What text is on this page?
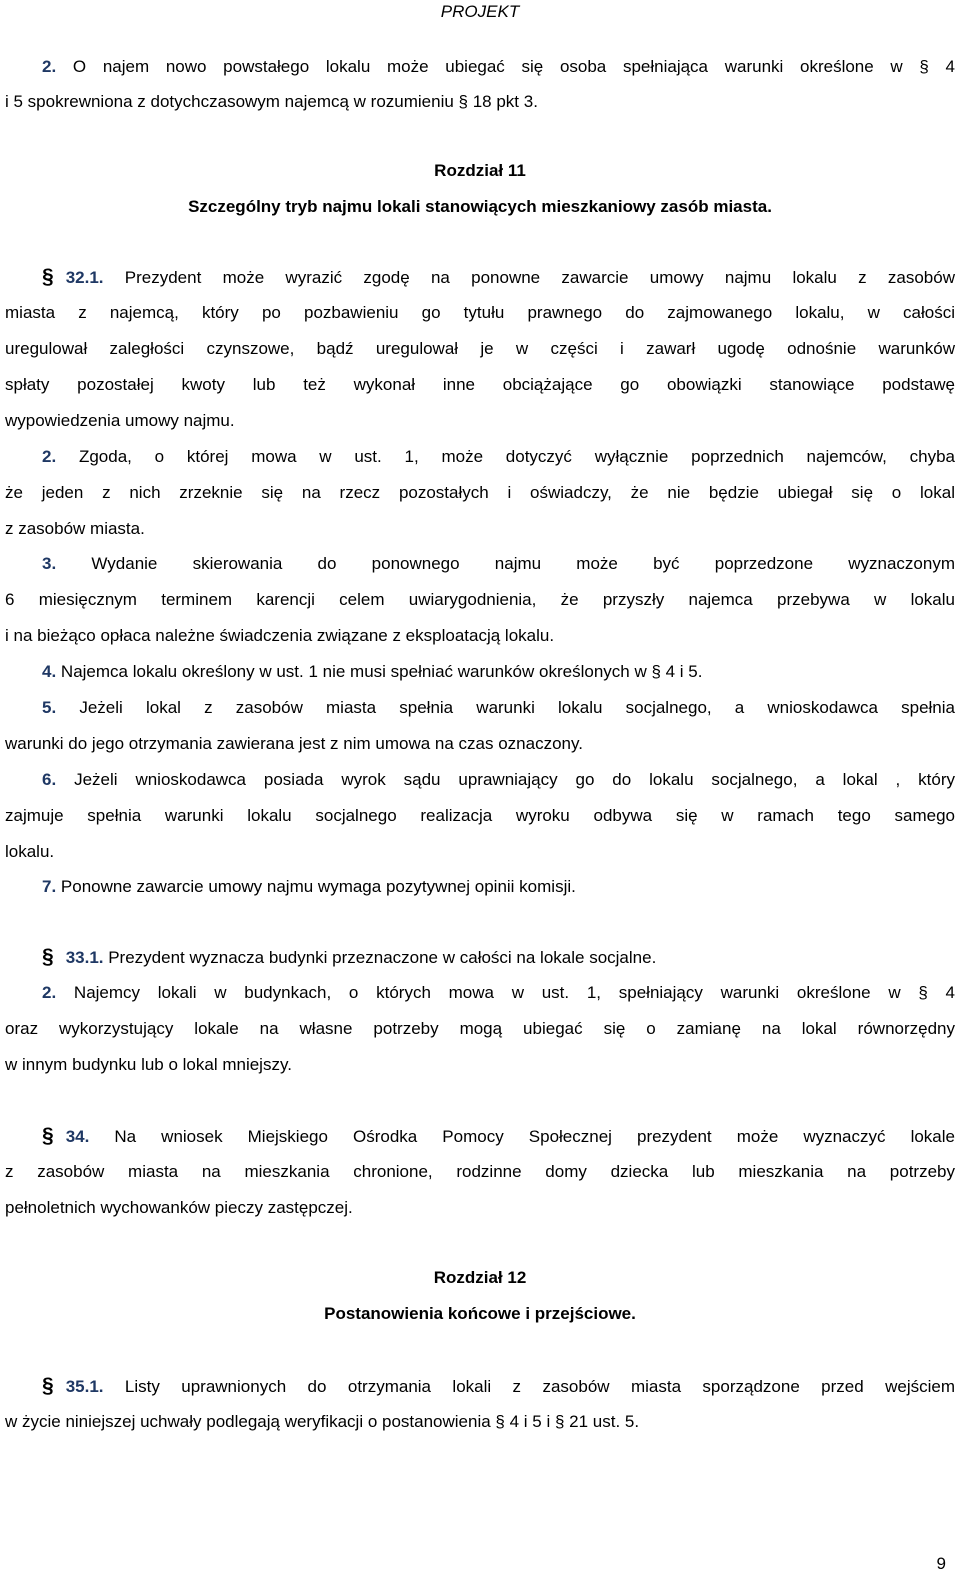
PROJEKT
2. O najem nowo powstałego lokalu może ubiegać się osoba spełniająca warunki określone w § 4
i 5 spokrewniona z dotychczasowym najemcą w rozumieniu § 18 pkt 3.
Rozdział 11
Szczególny tryb najmu lokali stanowiących mieszkaniowy zasób miasta.
§ 32.1. Prezydent może wyrazić zgodę na ponowne zawarcie umowy najmu lokalu z zasobów
miasta z najemcą, który po pozbawieniu go tytułu prawnego do zajmowanego lokalu, w całości
uregulował zaległości czynszowe, bądź uregulował je w części i zawarł ugodę odnośnie warunków
spłaty pozostałej kwoty lub też wykonał inne obciążające go obowiązki stanowiące podstawę
wypowiedzenia umowy najmu.
2. Zgoda, o której mowa w ust. 1, może dotyczyć wyłącznie poprzednich najemców, chyba
że jeden z nich zrzeknie się na rzecz pozostałych i oświadczy, że nie będzie ubiegał się o lokal
z zasobów miasta.
3. Wydanie skierowania do ponownego najmu może być poprzedzone wyznaczonym
6 miesięcznym terminem karencji celem uwiarygodnienia, że przyszły najemca przebywa w lokalu
i na bieżąco opłaca należne świadczenia związane z eksploatacją lokalu.
4. Najemca lokalu określony w ust. 1 nie musi spełniać warunków określonych w § 4 i 5.
5. Jeżeli lokal z zasobów miasta spełnia warunki lokalu socjalnego, a wnioskodawca spełnia
warunki do jego otrzymania zawierana jest z nim umowa na czas oznaczony.
6. Jeżeli wnioskodawca posiada wyrok sądu uprawniający go do lokalu socjalnego, a lokal , który
zajmuje spełnia warunki lokalu socjalnego realizacja wyroku odbywa się w ramach tego samego
lokalu.
7. Ponowne zawarcie umowy najmu wymaga pozytywnej opinii komisji.
§ 33.1. Prezydent wyznacza budynki przeznaczone w całości na lokale socjalne.
2. Najemcy lokali w budynkach, o których mowa w ust. 1, spełniający warunki określone w § 4
oraz wykorzystujący lokale na własne potrzeby mogą ubiegać się o zamianę na lokal równorzędny
w innym budynku lub o lokal mniejszy.
§ 34. Na wniosek Miejskiego Ośrodka Pomocy Społecznej prezydent może wyznaczyć lokale
z zasobów miasta na mieszkania chronione, rodzinne domy dziecka lub mieszkania na potrzeby
pełnoletnich wychowanków pieczy zastępczej.
Rozdział 12
Postanowienia końcowe i przejściowe.
§ 35.1. Listy uprawnionych do otrzymania lokali z zasobów miasta sporządzone przed wejściem
w życie niniejszej uchwały podlegają weryfikacji o postanowienia § 4 i 5 i § 21 ust. 5.
9
